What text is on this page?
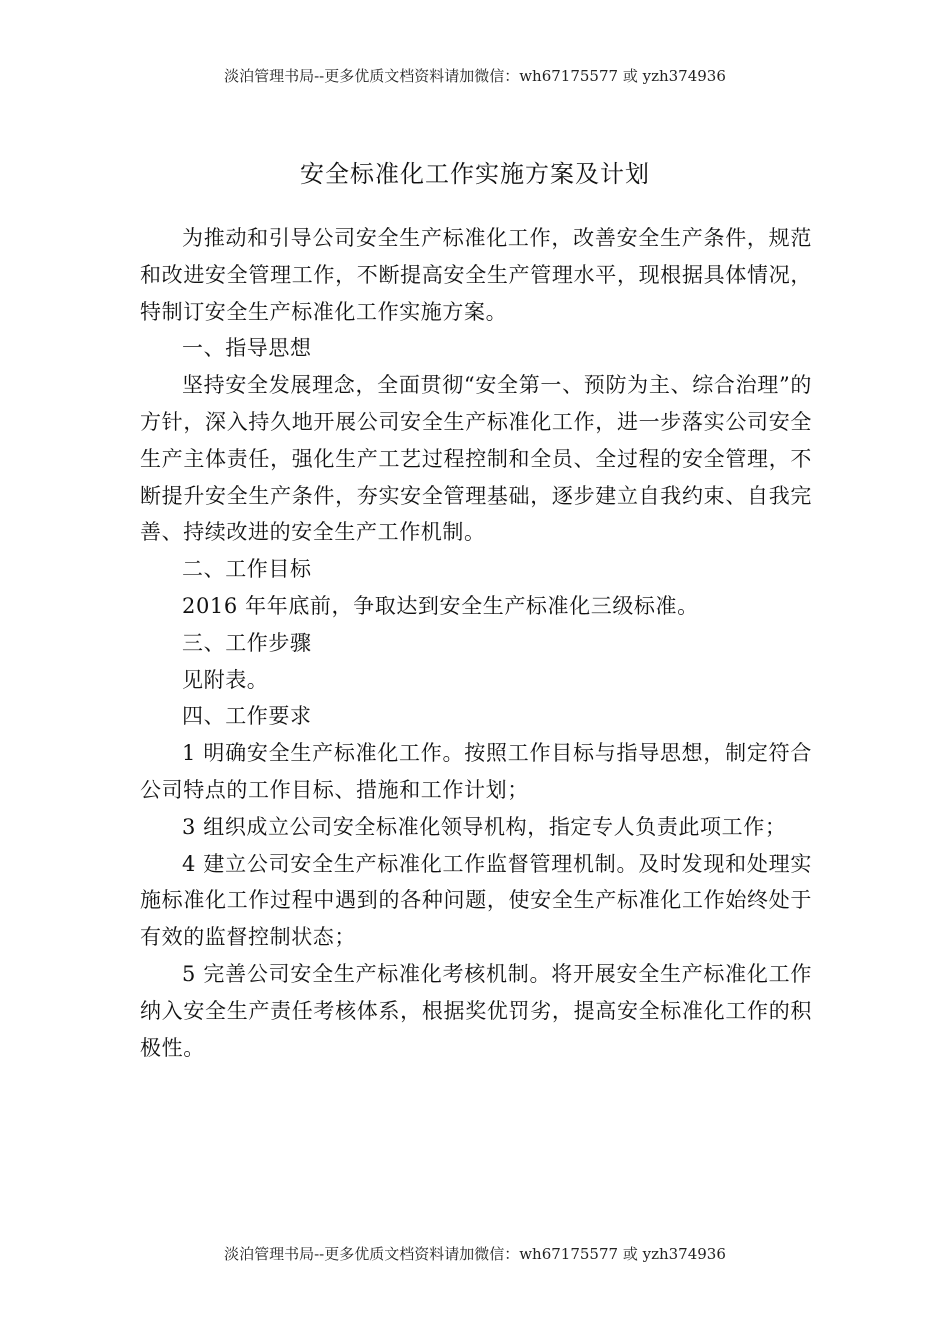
淡泊管理书局--更多优质文档资料请加微信：wh67175577 或 yzh374936
安全标准化工作实施方案及计划

为推动和引导公司安全生产标准化工作，改善安全生产条件，规范和改进安全管理工作，不断提高安全生产管理水平，现根据具体情况，特制订安全生产标准化工作实施方案。

一、指导思想

坚持安全发展理念，全面贯彻“安全第一、预防为主、综合治理”的方针，深入持久地开展公司安全生产标准化工作，进一步落实公司安全生产主体责任，强化生产工艺过程控制和全员、全过程的安全管理，不断提升安全生产条件，夯实安全管理基础，逐步建立自我约束、自我完善、持续改进的安全生产工作机制。

二、工作目标

2016 年年底前，争取达到安全生产标准化三级标准。

三、工作步骤

见附表。

四、工作要求

1 明确安全生产标准化工作。按照工作目标与指导思想，制定符合公司特点的工作目标、措施和工作计划；

3 组织成立公司安全标准化领导机构，指定专人负责此项工作；

4 建立公司安全生产标准化工作监督管理机制。及时发现和处理实施标准化工作过程中遇到的各种问题，使安全生产标准化工作始终处于有效的监督控制状态；

5 完善公司安全生产标准化考核机制。将开展安全生产标准化工作纳入安全生产责任考核体系，根据奖优罚劣，提高安全标准化工作的积极性。

淡泊管理书局--更多优质文档资料请加微信：wh67175577 或 yzh374936
